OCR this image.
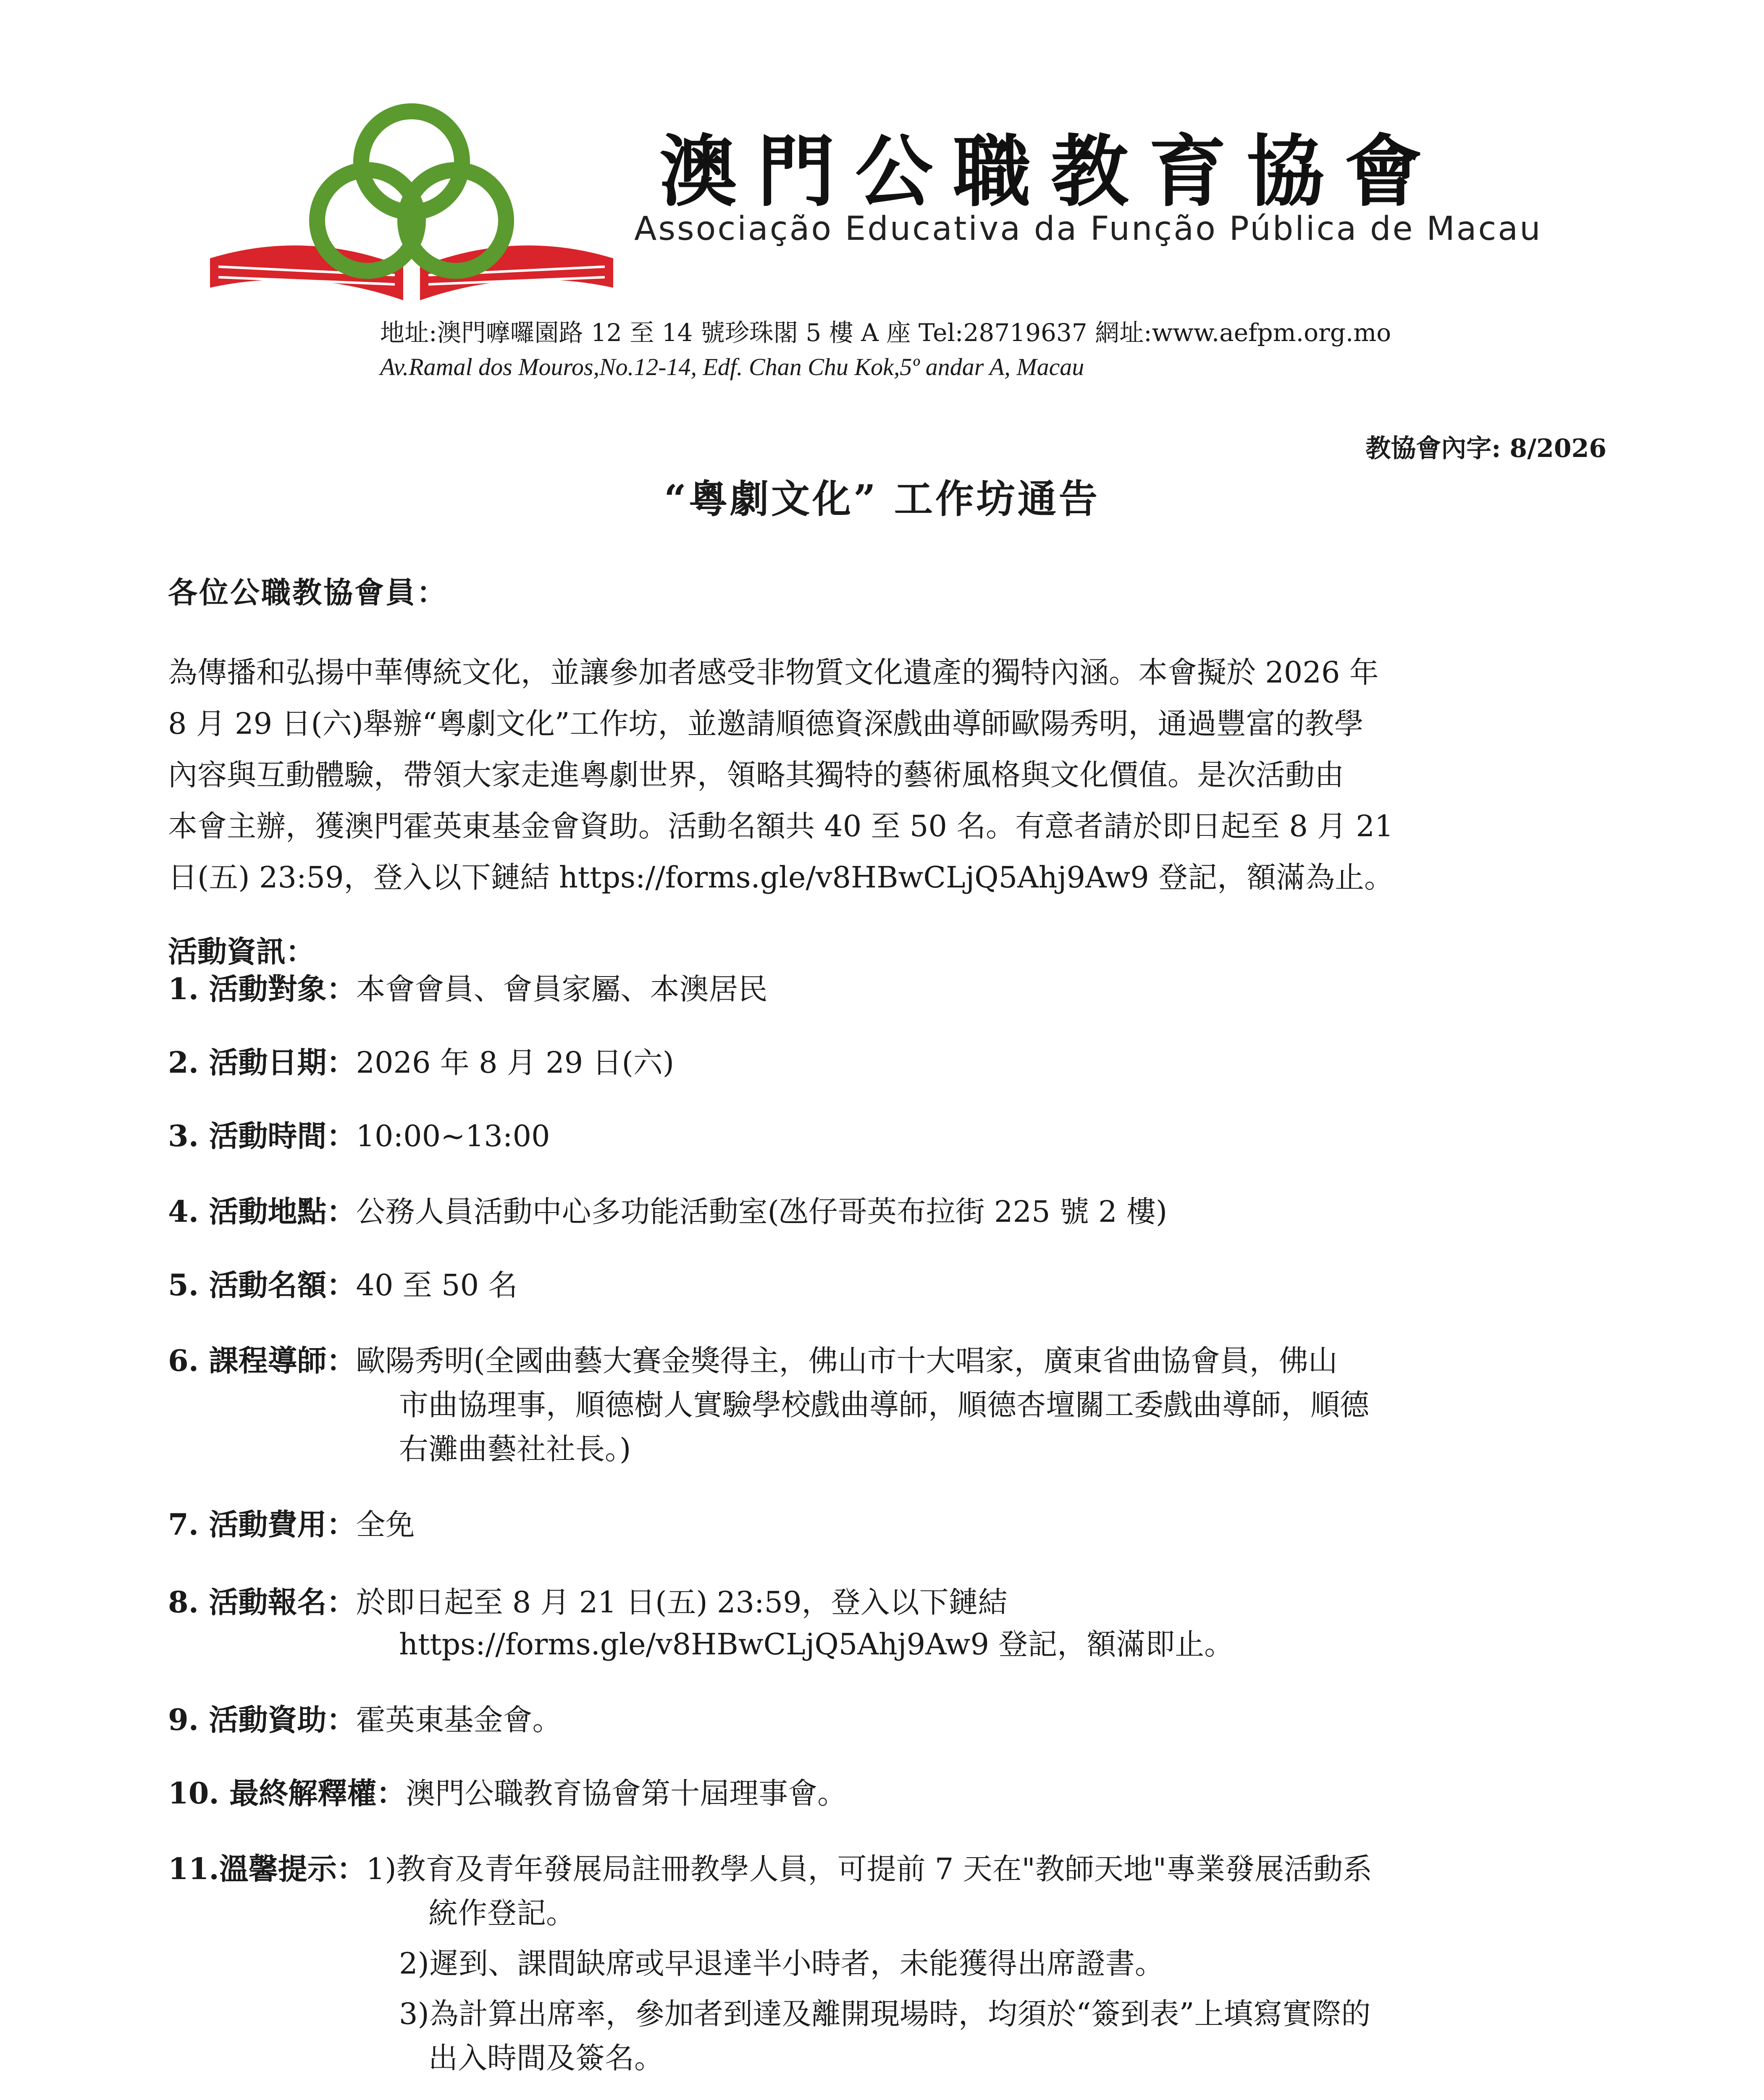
澳門公職教育協會
Associação Educativa da Função Pública de Macau
地址:澳門嚤囉園路 12 至 14 號珍珠閣 5 樓 A 座 Tel:28719637 網址:www.aefpm.org.mo
Av.Ramal dos Mouros,No.12-14, Edf. Chan Chu Kok,5º andar A, Macau
教協會內字: 8/2026
“粵劇文化” 工作坊通告
各位公職教協會員：

為傳播和弘揚中華傳統文化，並讓參加者感受非物質文化遺產的獨特內涵。本會擬於 2026 年

8 月 29 日(六)舉辦“粵劇文化”工作坊，並邀請順德資深戲曲導師歐陽秀明，通過豐富的教學

內容與互動體驗，帶領大家走進粵劇世界，領略其獨特的藝術風格與文化價值。是次活動由

本會主辦，獲澳門霍英東基金會資助。活動名額共 40 至 50 名。有意者請於即日起至 8 月 21

日(五) 23:59，登入以下鏈結 https://forms.gle/v8HBwCLjQ5Ahj9Aw9 登記，額滿為止。

活動資訊：
1. 活動對象：本會會員、會員家屬、本澳居民
2. 活動日期：2026 年 8 月 29 日(六)
3. 活動時間：10:00~13:00
4. 活動地點：公務人員活動中心多功能活動室(氹仔哥英布拉街 225 號 2 樓)
5. 活動名額：40 至 50 名
6. 課程導師：歐陽秀明(全國曲藝大賽金獎得主，佛山市十大唱家，廣東省曲協會員，佛山
市曲協理事，順德樹人實驗學校戲曲導師，順德杏壇關工委戲曲導師，順德
右灘曲藝社社長。)
7. 活動費用：全免
8. 活動報名：於即日起至 8 月 21 日(五) 23:59，登入以下鏈結
https://forms.gle/v8HBwCLjQ5Ahj9Aw9 登記，額滿即止。
9. 活動資助：霍英東基金會。
10. 最終解釋權：澳門公職教育協會第十屆理事會。
11.溫馨提示：1)教育及青年發展局註冊教學人員，可提前 7 天在"教師天地"專業發展活動系
統作登記。
2)遲到、課間缺席或早退達半小時者，未能獲得出席證書。
3)為計算出席率，參加者到達及離開現場時，均須於“簽到表”上填寫實際的
出入時間及簽名。
